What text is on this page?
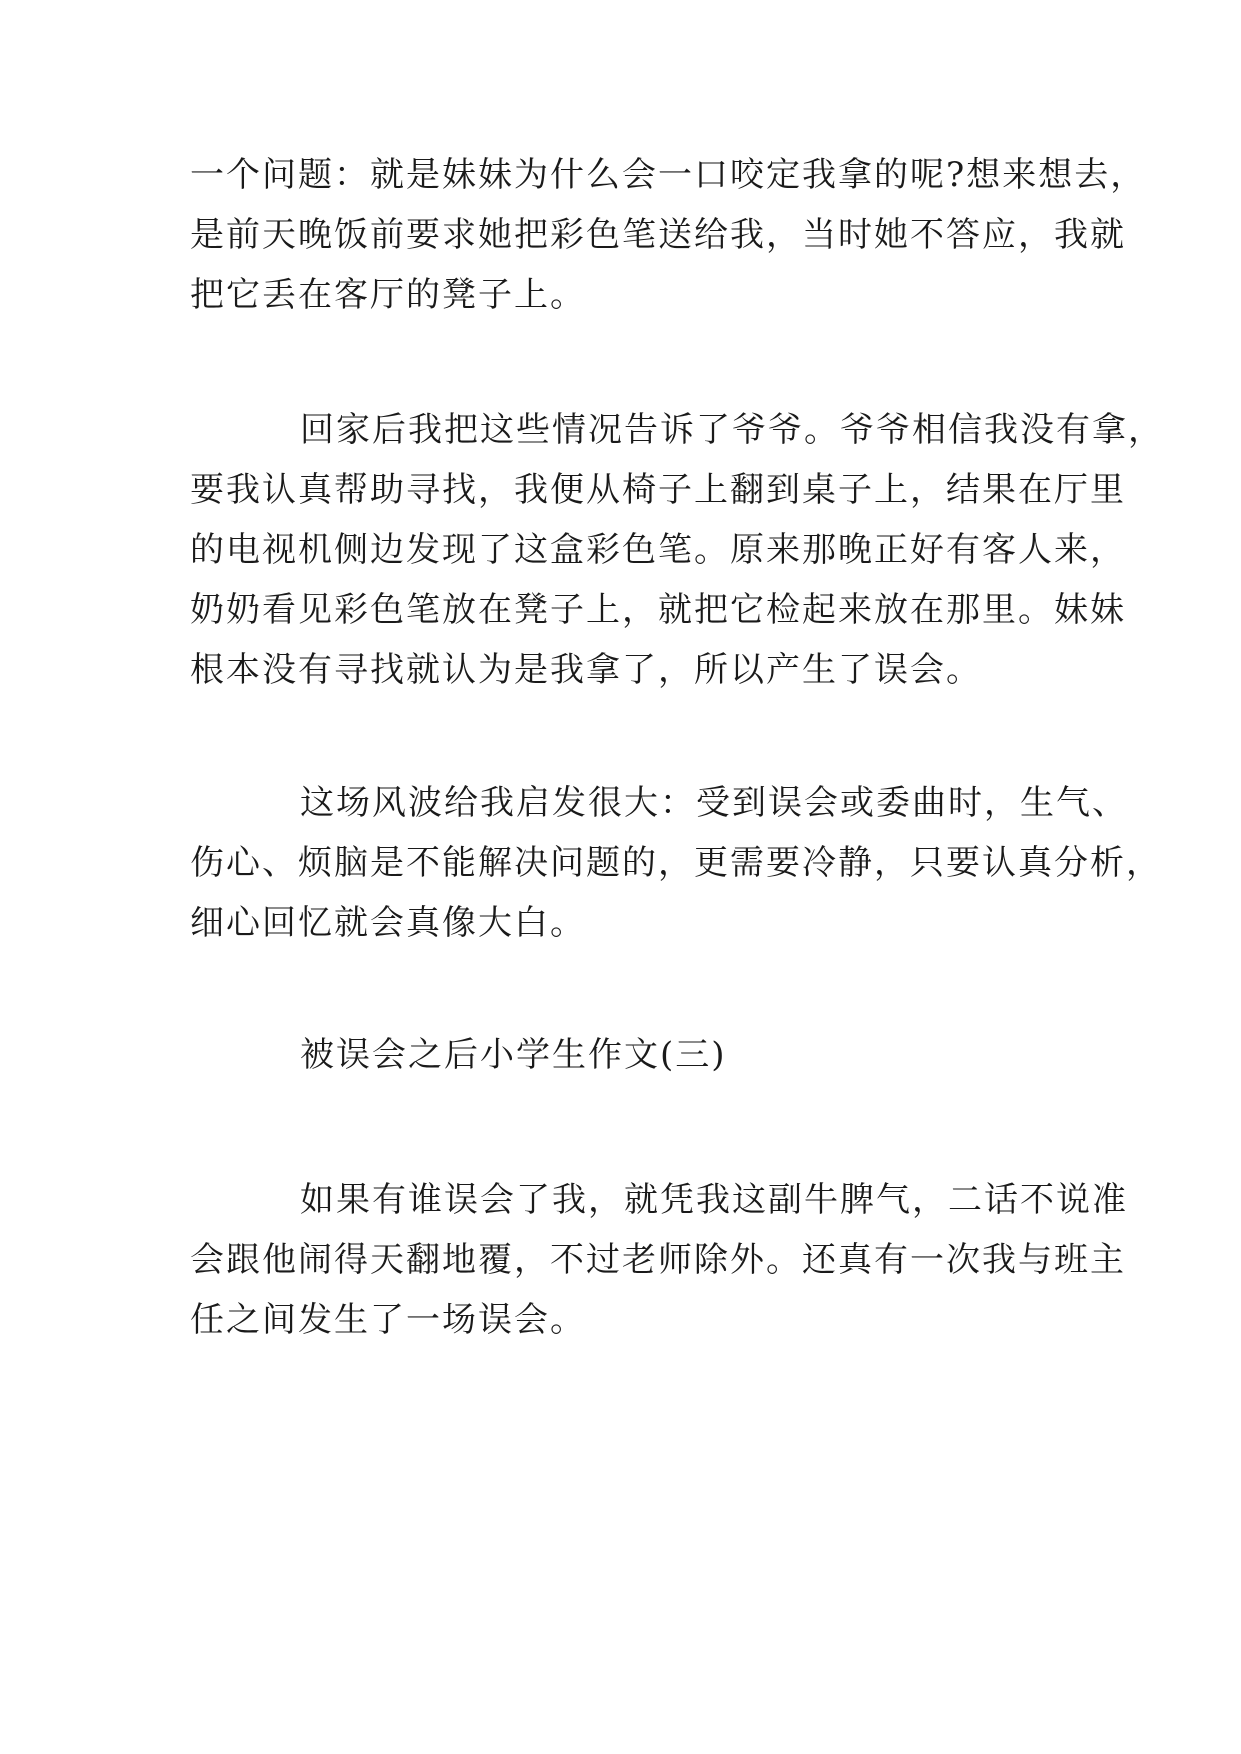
一个问题：就是妹妹为什么会一口咬定我拿的呢?想来想去，
是前天晚饭前要求她把彩色笔送给我，当时她不答应，我就
把它丢在客厅的凳子上。

回家后我把这些情况告诉了爷爷。爷爷相信我没有拿，
要我认真帮助寻找，我便从椅子上翻到桌子上，结果在厅里
的电视机侧边发现了这盒彩色笔。原来那晚正好有客人来，
奶奶看见彩色笔放在凳子上，就把它检起来放在那里。妹妹
根本没有寻找就认为是我拿了，所以产生了误会。

这场风波给我启发很大：受到误会或委曲时，生气、
伤心、烦脑是不能解决问题的，更需要冷静，只要认真分析，
细心回忆就会真像大白。

被误会之后小学生作文(三)

如果有谁误会了我，就凭我这副牛脾气，二话不说准
会跟他闹得天翻地覆，不过老师除外。还真有一次我与班主
任之间发生了一场误会。
